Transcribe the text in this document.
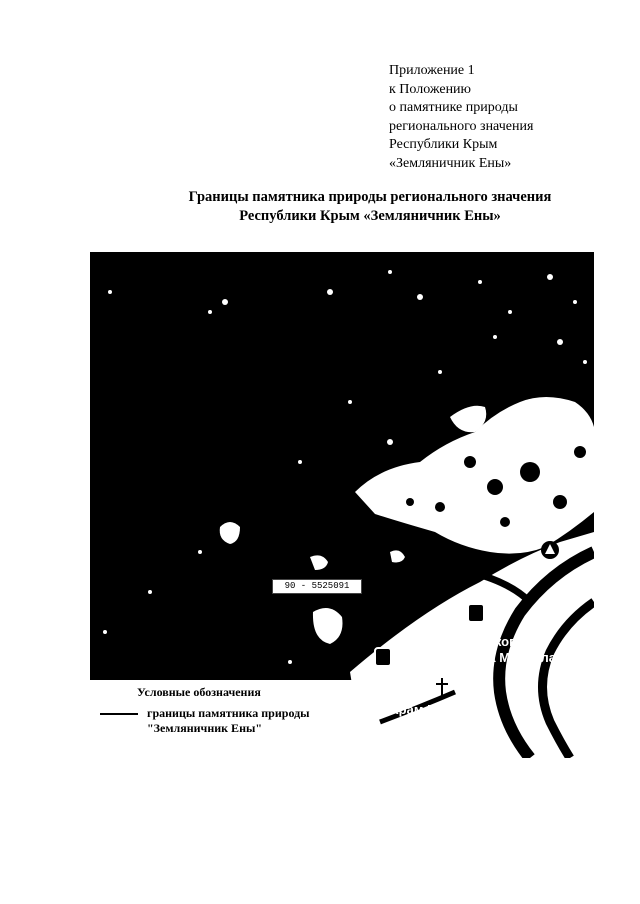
Приложение 1
к Положению
о памятнике природы
регионального значения
Республики Крым
«Земляничник Ены»
Границы памятника природы регионального значения
Республики Крым «Земляничник Ены»
90 - 5525091
Церковь
Архангела Михаила
Храм Николая
Чудотворца
Сол
Условные обозначения
границы памятника природы
"Земляничник Ены"
